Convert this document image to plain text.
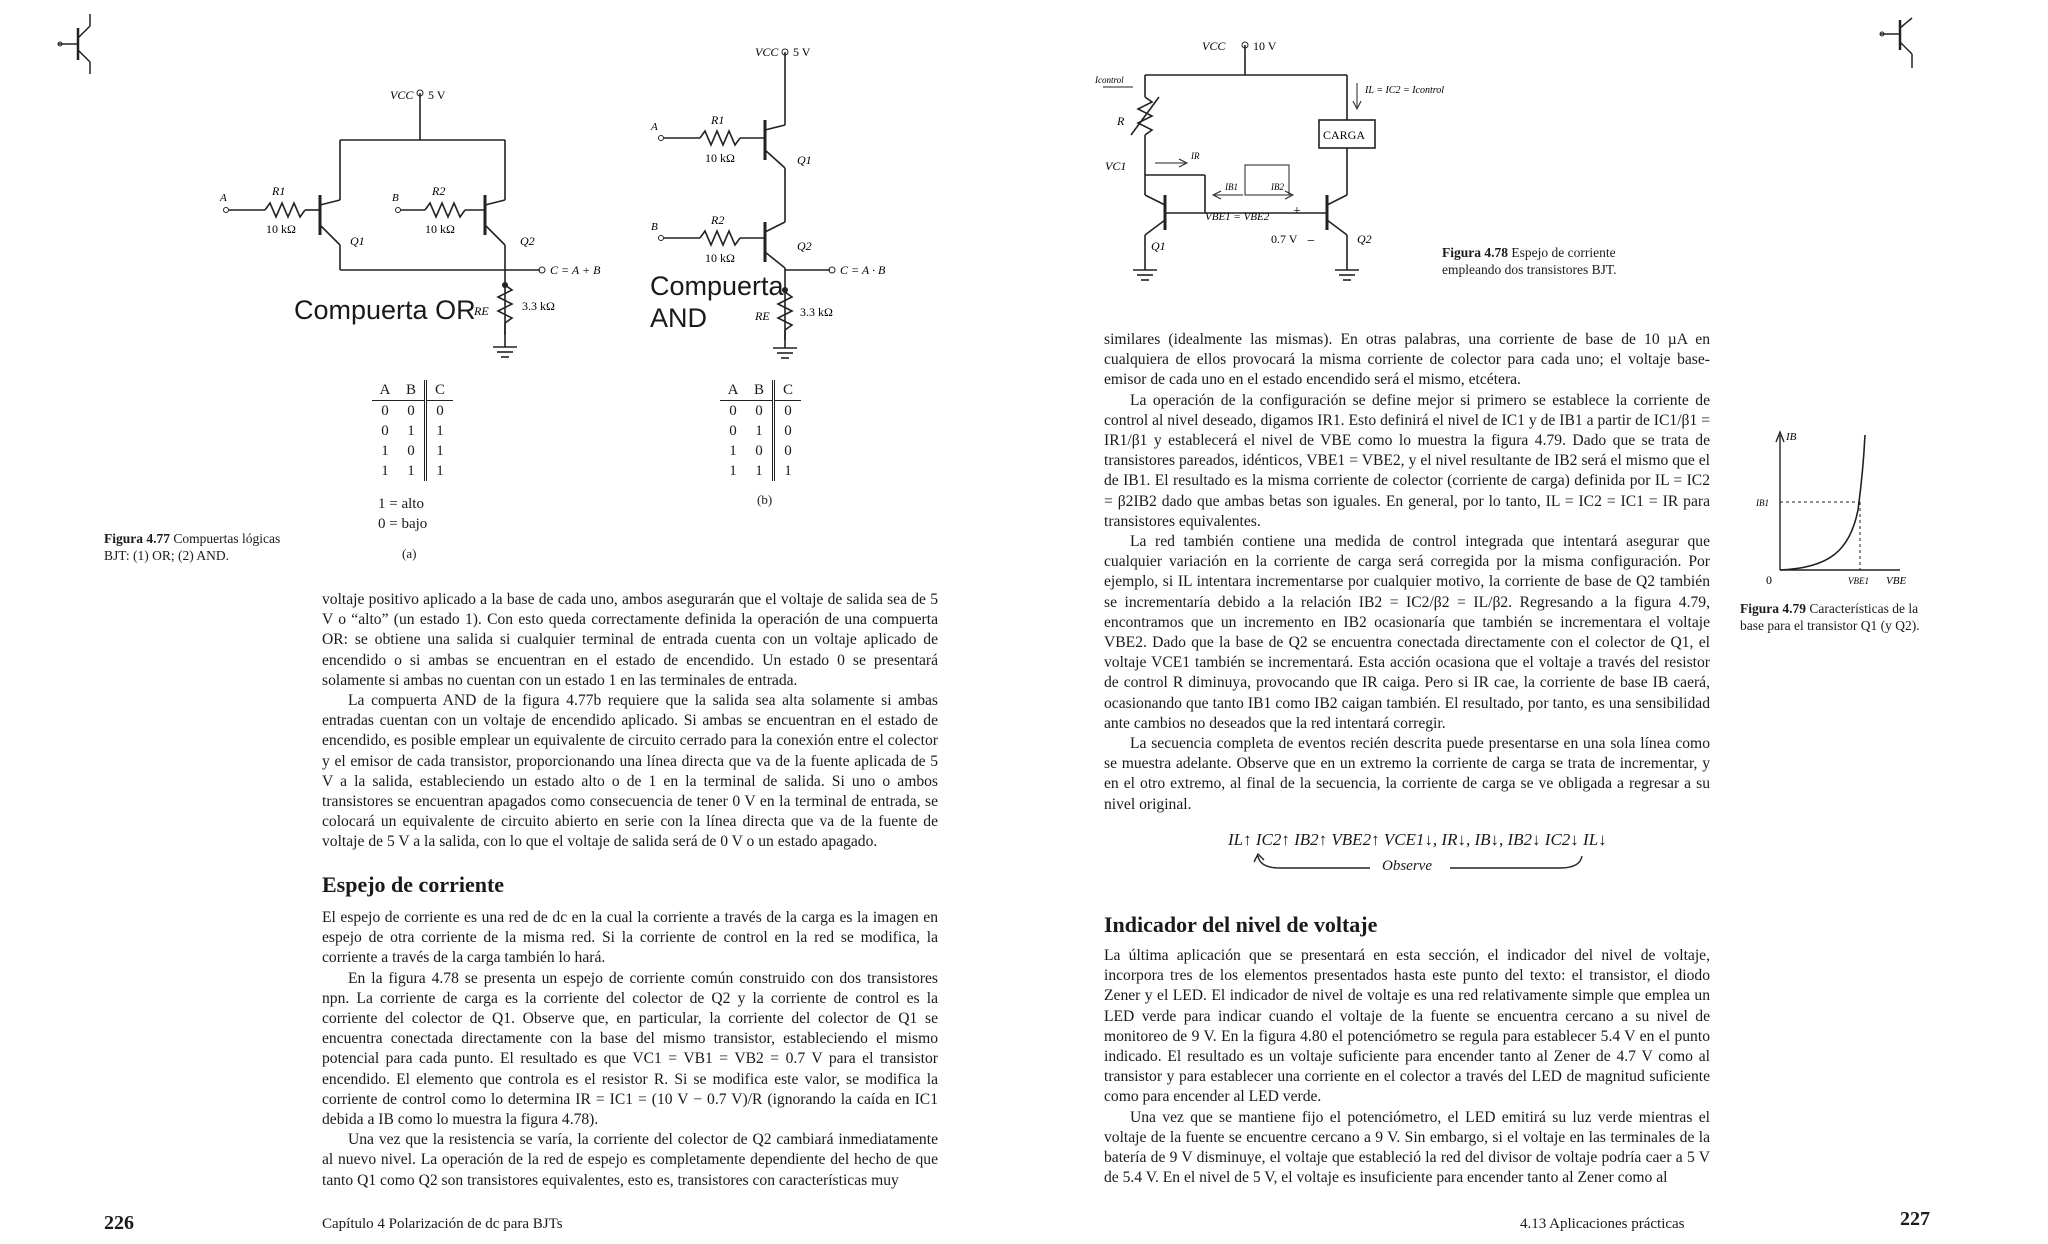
VCC 5 V
R1
10 kΩ
R2
10 kΩ
Q1	Q2
RE	3.3 kΩ
A	B
C = A + B
Compuerta OR
VCC 5 V
R1
10 kΩ
R2
10 kΩ
Q1
Q2
RE	3.3 kΩ
A
B
C = A · B
Compuerta
AND
A	B	C
0	0	0
0	1	1
1	0	1
1	1	1
A	B	C
0	0	0
0	1	0
1	0	0
1	1	1
1 = alto
0 = bajo
(a)
(b)
Figura 4.77 Compuertas lógicas BJT: (1) OR; (2) AND.

voltaje positivo aplicado a la base de cada uno, ambos asegurarán que el voltaje de salida sea de 5 V o “alto” (un estado 1). Con esto queda correctamente definida la operación de una compuerta OR: se obtiene una salida si cualquier terminal de entrada cuenta con un voltaje aplicado de encendido o si ambas se encuentran en el estado de encendido. Un estado 0 se presentará solamente si ambas no cuentan con un estado 1 en las terminales de entrada.

La compuerta AND de la figura 4.77b requiere que la salida sea alta solamente si ambas entradas cuentan con un voltaje de encendido aplicado. Si ambas se encuentran en el estado de encendido, es posible emplear un equivalente de circuito cerrado para la conexión entre el colector y el emisor de cada transistor, proporcionando una línea directa que va de la fuente aplicada de 5 V a la salida, estableciendo un estado alto o de 1 en la terminal de salida. Si uno o ambos transistores se encuentran apagados como consecuencia de tener 0 V en la terminal de entrada, se colocará un equivalente de circuito abierto en serie con la línea directa que va de la fuente de voltaje de 5 V a la salida, con lo que el voltaje de salida será de 0 V o un estado apagado.

Espejo de corriente

El espejo de corriente es una red de dc en la cual la corriente a través de la carga es la imagen en espejo de otra corriente de la misma red. Si la corriente de control en la red se modifica, la corriente a través de la carga también lo hará.

En la figura 4.78 se presenta un espejo de corriente común construido con dos transistores npn. La corriente de carga es la corriente del colector de Q2 y la corriente de control es la corriente del colector de Q1. Observe que, en particular, la corriente del colector de Q1 se encuentra conectada directamente con la base del mismo transistor, estableciendo el mismo potencial para cada punto. El resultado es que VC1 = VB1 = VB2 = 0.7 V para el transistor encendido. El elemento que controla es el resistor R. Si se modifica este valor, se modifica la corriente de control como lo determina IR = IC1 = (10 V − 0.7 V)/R (ignorando la caída en IC1 debida a IB como lo muestra la figura 4.78).

Una vez que la resistencia se varía, la corriente del colector de Q2 cambiará inmediatamente al nuevo nivel. La operación de la red de espejo es completamente dependiente del hecho de que tanto Q1 como Q2 son transistores equivalentes, esto es, transistores con características muy

226	Capítulo 4 Polarización de dc para BJTs
VCC 10 V
Icontrol
IL = IC2 = Icontrol
R
CARGA
VC1
IR
IB1	IB2
VBE1 = VBE2 +
−
0.7 V
Q1	Q2
Figura 4.78 Espejo de corriente empleando dos transistores BJT.
IB
IB1
0	VBE1 VBE
Figura 4.79 Características de la base para el transistor Q1 (y Q2).

similares (idealmente las mismas). En otras palabras, una corriente de base de 10 µA en cualquiera de ellos provocará la misma corriente de colector para cada uno; el voltaje base-emisor de cada uno en el estado encendido será el mismo, etcétera.

La operación de la configuración se define mejor si primero se establece la corriente de control al nivel deseado, digamos IR1. Esto definirá el nivel de IC1 y de IB1 a partir de IC1/β1 = IR1/β1 y establecerá el nivel de VBE como lo muestra la figura 4.79. Dado que se trata de transistores pareados, idénticos, VBE1 = VBE2, y el nivel resultante de IB2 será el mismo que el de IB1. El resultado es la misma corriente de colector (corriente de carga) definida por IL = IC2 = β2IB2 dado que ambas betas son iguales. En general, por lo tanto, IL = IC2 = IC1 = IR para transistores equivalentes.

La red también contiene una medida de control integrada que intentará asegurar que cualquier variación en la corriente de carga será corregida por la misma configuración. Por ejemplo, si IL intentara incrementarse por cualquier motivo, la corriente de base de Q2 también se incrementaría debido a la relación IB2 = IC2/β2 = IL/β2. Regresando a la figura 4.79, encontramos que un incremento en IB2 ocasionaría que también se incrementara el voltaje VBE2. Dado que la base de Q2 se encuentra conectada directamente con el colector de Q1, el voltaje VCE1 también se incrementará. Esta acción ocasiona que el voltaje a través del resistor de control R diminuya, provocando que IR caiga. Pero si IR cae, la corriente de base IB caerá, ocasionando que tanto IB1 como IB2 caigan también. El resultado, por tanto, es una sensibilidad ante cambios no deseados que la red intentará corregir.

La secuencia completa de eventos recién descrita puede presentarse en una sola línea como se muestra adelante. Observe que en un extremo la corriente de carga se trata de incrementar, y en el otro extremo, al final de la secuencia, la corriente de carga se ve obligada a regresar a su nivel original.

IL↑ IC2↑ IB2↑ VBE2↑ VCE1↓, IR↓, IB↓, IB2↓ IC2↓ IL↓
Observe
Indicador del nivel de voltaje

La última aplicación que se presentará en esta sección, el indicador del nivel de voltaje, incorpora tres de los elementos presentados hasta este punto del texto: el transistor, el diodo Zener y el LED. El indicador de nivel de voltaje es una red relativamente simple que emplea un LED verde para indicar cuando el voltaje de la fuente se encuentra cercano a su nivel de monitoreo de 9 V. En la figura 4.80 el potenciómetro se regula para establecer 5.4 V en el punto indicado. El resultado es un voltaje suficiente para encender tanto al Zener de 4.7 V como al transistor y para establecer una corriente en el colector a través del LED de magnitud suficiente como para encender al LED verde.

Una vez que se mantiene fijo el potenciómetro, el LED emitirá su luz verde mientras el voltaje de la fuente se encuentre cercano a 9 V. Sin embargo, si el voltaje en las terminales de la batería de 9 V disminuye, el voltaje que estableció la red del divisor de voltaje podría caer a 5 V de 5.4 V. En el nivel de 5 V, el voltaje es insuficiente para encender tanto al Zener como al

4.13 Aplicaciones prácticas	227
